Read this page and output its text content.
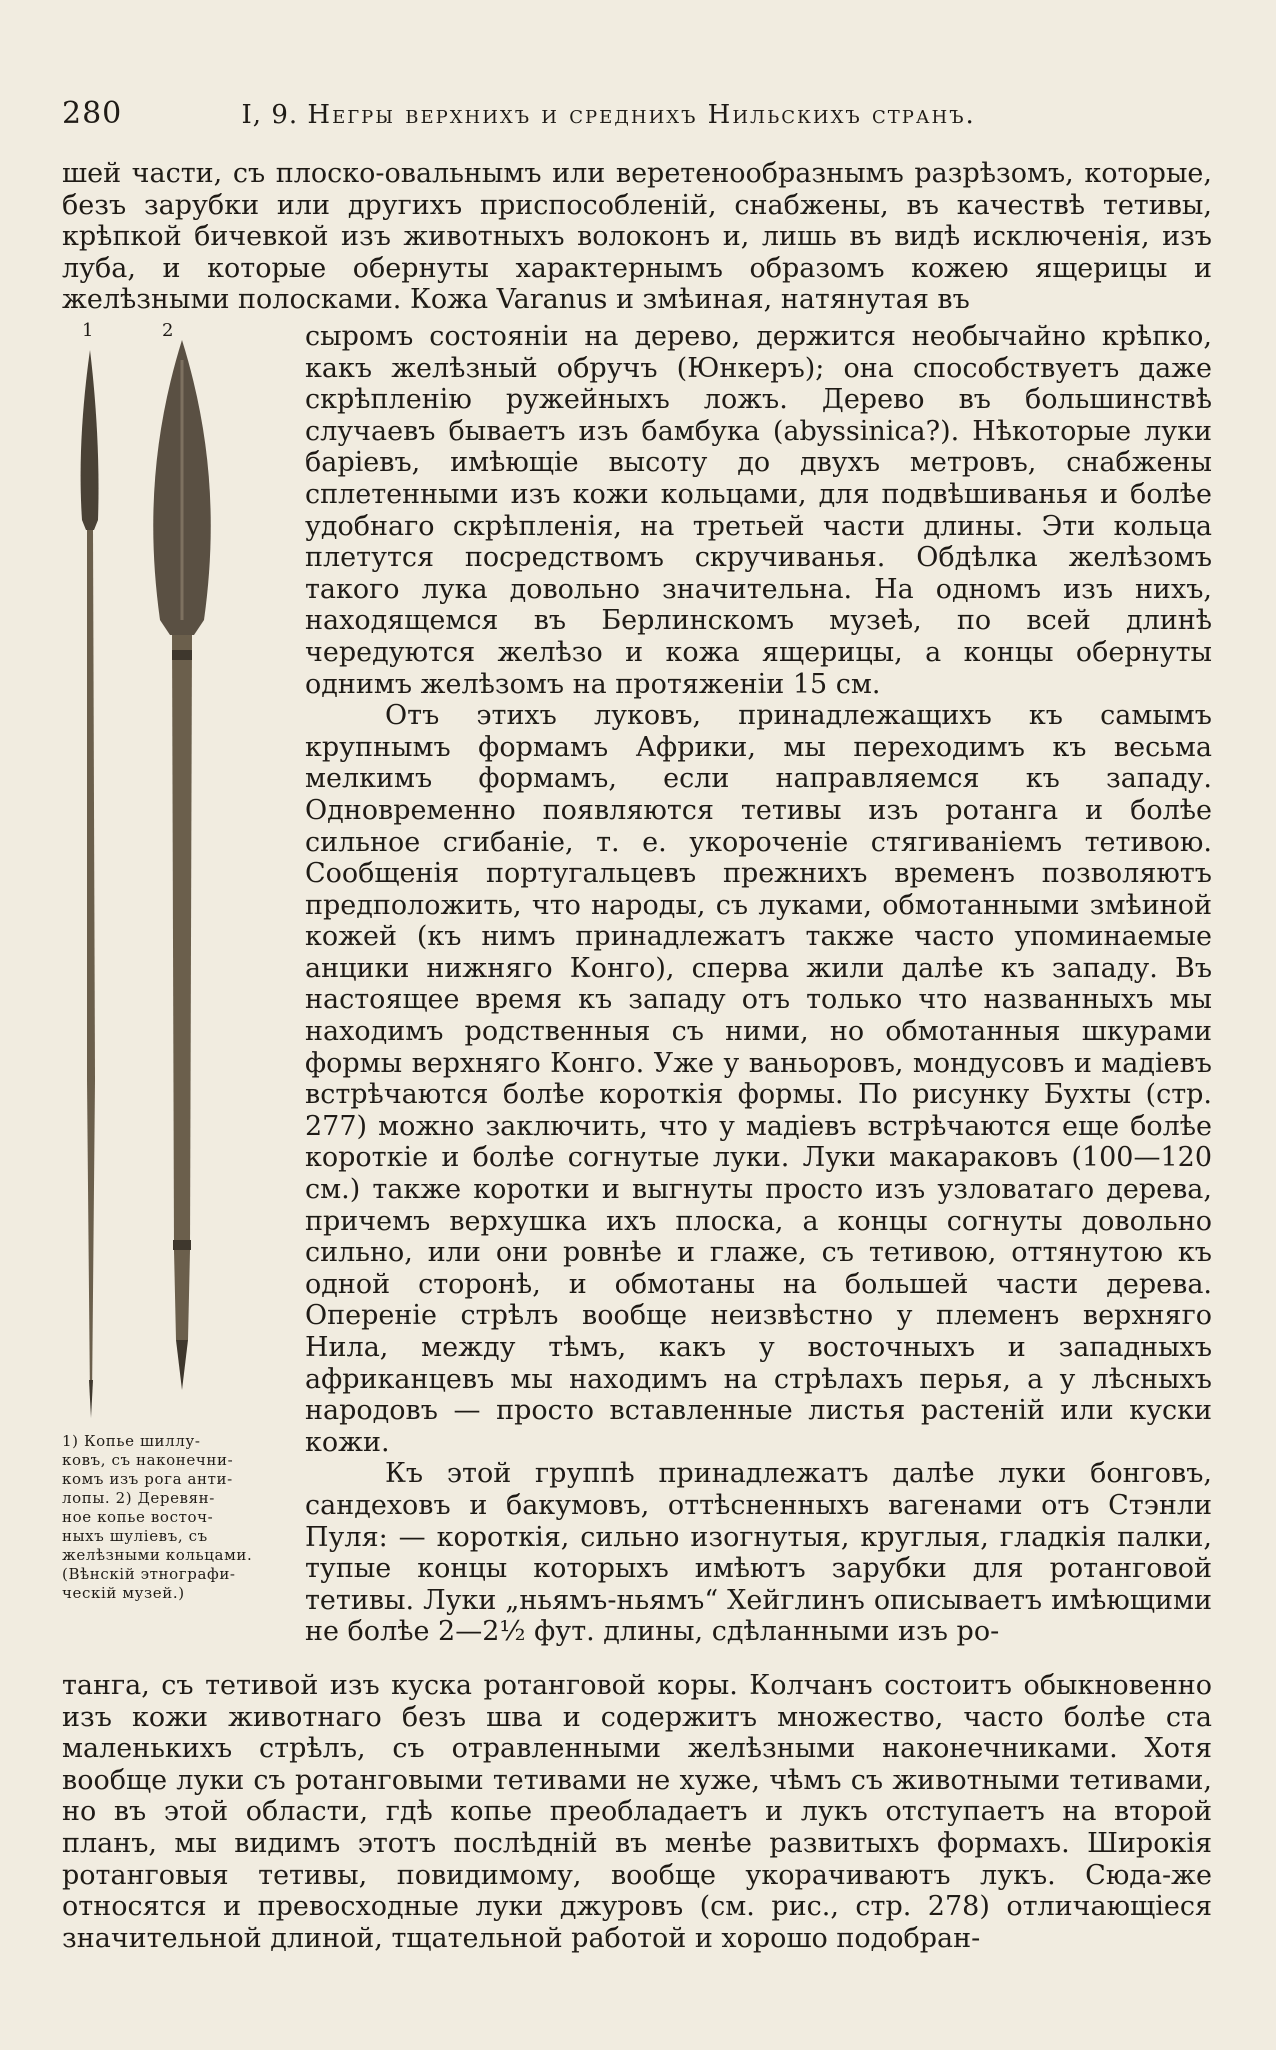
280	I, 9. Негры верхнихъ и среднихъ Нильскихъ странъ.

шей части, съ плоско-овальнымъ или веретенообразнымъ разрѣзомъ, которые, безъ зарубки или другихъ приспособленій, снабжены, въ качествѣ тетивы, крѣпкой бичевкой изъ животныхъ волоконъ и, лишь въ видѣ исключенія, изъ луба, и которые обернуты характернымъ образомъ кожею ящерицы и желѣзными полосками. Кожа Varanus и змѣиная, натянутая въ

1	2

1) Копье шиллу-
ковъ, съ наконечни-
комъ изъ рога анти-
лопы. 2) Деревян-
ное копье восточ-
ныхъ шуліевъ, съ
желѣзными кольцами.
(Вѣнскій этнографи-
ческій музей.)

сыромъ состояніи на дерево, держится необычайно крѣпко, какъ желѣзный обручъ (Юнкеръ); она способствуетъ даже скрѣпленію ружейныхъ ложъ. Дерево въ большинствѣ случаевъ бываетъ изъ бамбука (abyssinica?). Нѣкоторые луки баріевъ, имѣющіе высоту до двухъ метровъ, снабжены сплетенными изъ кожи кольцами, для подвѣшиванья и болѣе удобнаго скрѣпленія, на третьей части длины. Эти кольца плетутся посредствомъ скручиванья. Обдѣлка желѣзомъ такого лука довольно значительна. На одномъ изъ нихъ, находящемся въ Берлинскомъ музеѣ, по всей длинѣ чередуются желѣзо и кожа ящерицы, а концы обернуты однимъ желѣзомъ на протяженіи 15 см.
Отъ этихъ луковъ, принадлежащихъ къ самымъ крупнымъ формамъ Африки, мы переходимъ къ весьма мелкимъ формамъ, если направляемся къ западу. Одновременно появляются тетивы изъ ротанга и болѣе сильное сгибаніе, т. е. укороченіе стягиваніемъ тетивою. Сообщенія португальцевъ прежнихъ временъ позволяютъ предположить, что народы, съ луками, обмотанными змѣиной кожей (къ нимъ принадлежатъ также часто упоминаемые анцики нижняго Конго), сперва жили далѣе къ западу. Въ настоящее время къ западу отъ только что названныхъ мы находимъ родственныя съ ними, но обмотанныя шкурами формы верхняго Конго. Уже у ваньоровъ, мондусовъ и мадіевъ встрѣчаются болѣе короткія формы. По рисунку Бухты (стр. 277) можно заключить, что у мадіевъ встрѣчаются еще болѣе короткіе и болѣе согнутые луки. Луки макараковъ (100—120 см.) также коротки и выгнуты просто изъ узловатаго дерева, причемъ верхушка ихъ плоска, а концы согнуты довольно сильно, или они ровнѣе и глаже, съ тетивою, оттянутою къ одной сторонѣ, и обмотаны на большей части дерева. Опереніе стрѣлъ вообще неизвѣстно у племенъ верхняго Нила, между тѣмъ, какъ у восточныхъ и западныхъ африканцевъ мы находимъ на стрѣлахъ перья, а у лѣсныхъ народовъ — просто вставленные листья растеній или куски кожи.
Къ этой группѣ принадлежатъ далѣе луки бонговъ, сандеховъ и бакумовъ, оттѣсненныхъ вагенами отъ Стэнли Пуля: — короткія, сильно изогнутыя, круглыя, гладкія палки, тупые концы которыхъ имѣютъ зарубки для ротанговой тетивы. Луки „ньямъ-ньямъ“ Хейглинъ описываетъ имѣющими не болѣе 2—2½ фут. длины, сдѣланными изъ ро-

танга, съ тетивой изъ куска ротанговой коры. Колчанъ состоитъ обыкновенно изъ кожи животнаго безъ шва и содержитъ множество, часто болѣе ста маленькихъ стрѣлъ, съ отравленными желѣзными наконечниками. Хотя вообще луки съ ротанговыми тетивами не хуже, чѣмъ съ животными тетивами, но въ этой области, гдѣ копье преобладаетъ и лукъ отступаетъ на второй планъ, мы видимъ этотъ послѣдній въ менѣе развитыхъ формахъ. Широкія ротанговыя тетивы, повидимому, вообще укорачиваютъ лукъ. Сюда-же относятся и превосходные луки джуровъ (см. рис., стр. 278) отличающіеся значительной длиной, тщательной работой и хорошо подобран-
